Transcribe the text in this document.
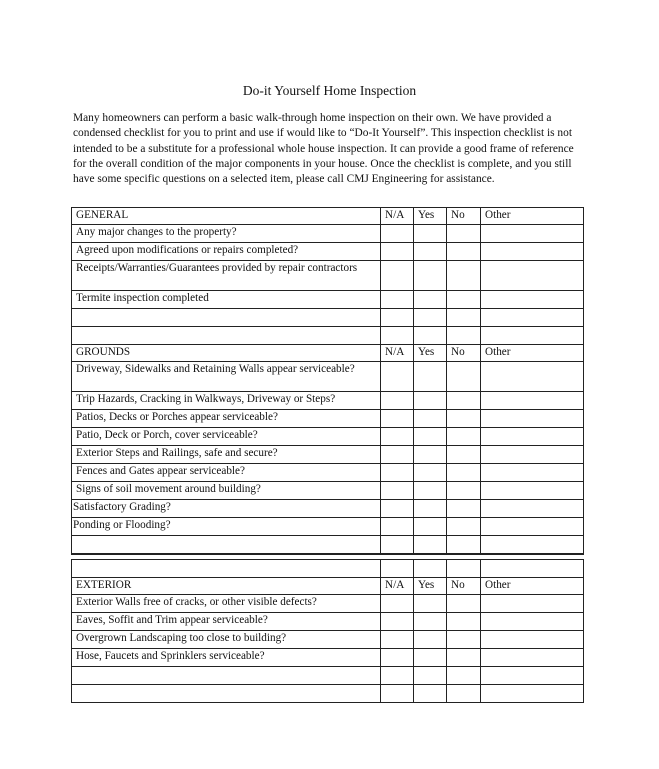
Do-it Yourself Home Inspection
Many homeowners can perform a basic walk-through home inspection on their own. We have provided a condensed checklist for you to print and use if would like to “Do-It Yourself”. This inspection checklist is not intended to be a substitute for a professional whole house inspection. It can provide a good frame of reference for the overall condition of the major components in your house. Once the checklist is complete, and you still have some specific questions on a selected item, please call CMJ Engineering for assistance.
GENERAL	N/A	Yes	No	Other
Any major changes to the property?				
Agreed upon modifications or repairs completed?				
Receipts/Warranties/Guarantees provided by repair contractors				
Termite inspection completed				

GROUNDS	N/A	Yes	No	Other
Driveway, Sidewalks and Retaining Walls appear serviceable?				
Trip Hazards, Cracking in Walkways, Driveway or Steps?				
Patios, Decks or Porches appear serviceable?				
Patio, Deck or Porch, cover serviceable?				
Exterior Steps and Railings, safe and secure?				
Fences and Gates appear serviceable?				
Signs of soil movement around building?				
Satisfactory Grading?				
Ponding or Flooding?				

EXTERIOR	N/A	Yes	No	Other
Exterior Walls free of cracks, or other visible defects?				
Eaves, Soffit and Trim appear serviceable?				
Overgrown Landscaping too close to building?				
Hose, Faucets and Sprinklers serviceable?				
